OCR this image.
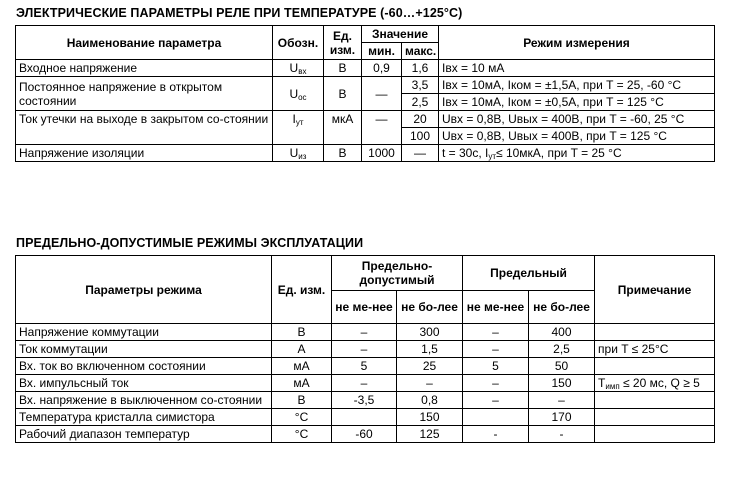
ЭЛЕКТРИЧЕСКИЕ ПАРАМЕТРЫ РЕЛЕ ПРИ ТЕМПЕРАТУРЕ (-60…+125°С)
Наименование параметра	Обозн.	Ед. изм.	Значение		Режим измерения
			мин.	макс.	
Входное напряжение	$U_{вх}$	В	0,9	1,6	Iвх = 10 мА
Постоянное напряжение в открытом состоянии	$U_{ос}$	В	—	3,5	Iвх = 10мА, Iком = ±1,5А, при T = 25, -60 °С
				2,5	Iвх = 10мА, Iком = ±0,5А, при T = 125 °С
Ток утечки на выходе в закрытом со-стоянии	$I_{ут}$	мкА	—	20	Uвх = 0,8В, Uвых = 400В, при T = -60, 25 °С
				100	Uвх = 0,8В, Uвых = 400В, при T = 125 °С
Напряжение изоляции	$U_{из}$	В	1000	—	t = 30с, $I_{ут}\le 10мкА$, при T = 25 °С
ПРЕДЕЛЬНО-ДОПУСТИМЫЕ РЕЖИМЫ ЭКСПЛУАТАЦИИ
Параметры режима	Ед. изм.	Предельно-допустимый		Предельный		Примечание
		не ме-нее	не бо-лее	не ме-нее	не бо-лее	
Напряжение коммутации	В	–	300	–	400	
Ток коммутации	А	–	1,5	–	2,5	при T ≤ 25°С
Вх. ток во включенном состоянии	мА	5	25	5	50	
Вх. импульсный ток	мА	–	–	–	150	$T_{имп} \le 20$ мс, Q ≥ 5
Вх. напряжение в выключенном со-стоянии	В	-3,5	0,8	–	–	
Температура кристалла симистора	°С		150		170	
Рабочий диапазон температур	°С	-60	125	-	-	
